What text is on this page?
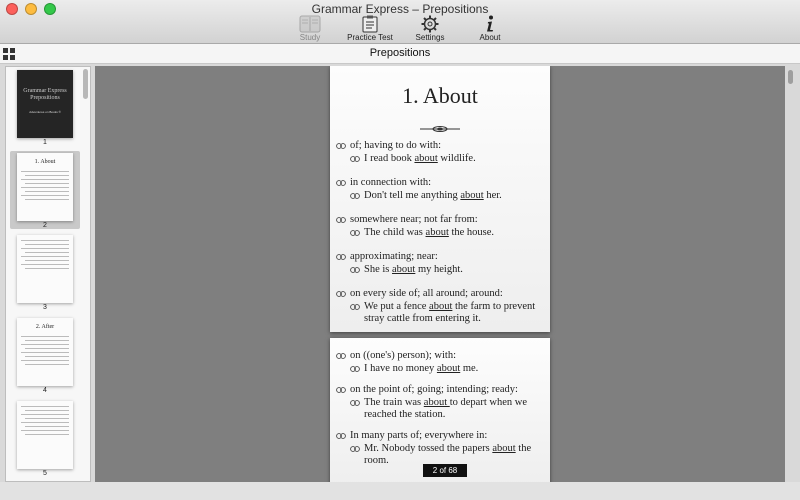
Grammar Express – Prepositions
Study	Practice Test	Settings	About
Prepositions
Grammar Express
Prepositions
Adventures on Books ®
1
1. About
2
3
2. After
4
5
1. About
of; having to do with:
I read book about wildlife.
in connection with:
Don't tell me anything about her.
somewhere near; not far from:
The child was about the house.
approximating; near:
She is about my height.
on every side of; all around; around:
We put a fence about the farm to prevent stray cattle from entering it.
on ((one's) person); with:
I have no money about me.
on the point of; going; intending; ready:
The train was about to depart when we reached the station.
In many parts of; everywhere in:
Mr. Nobody tossed the papers about the room.
2 of 68
